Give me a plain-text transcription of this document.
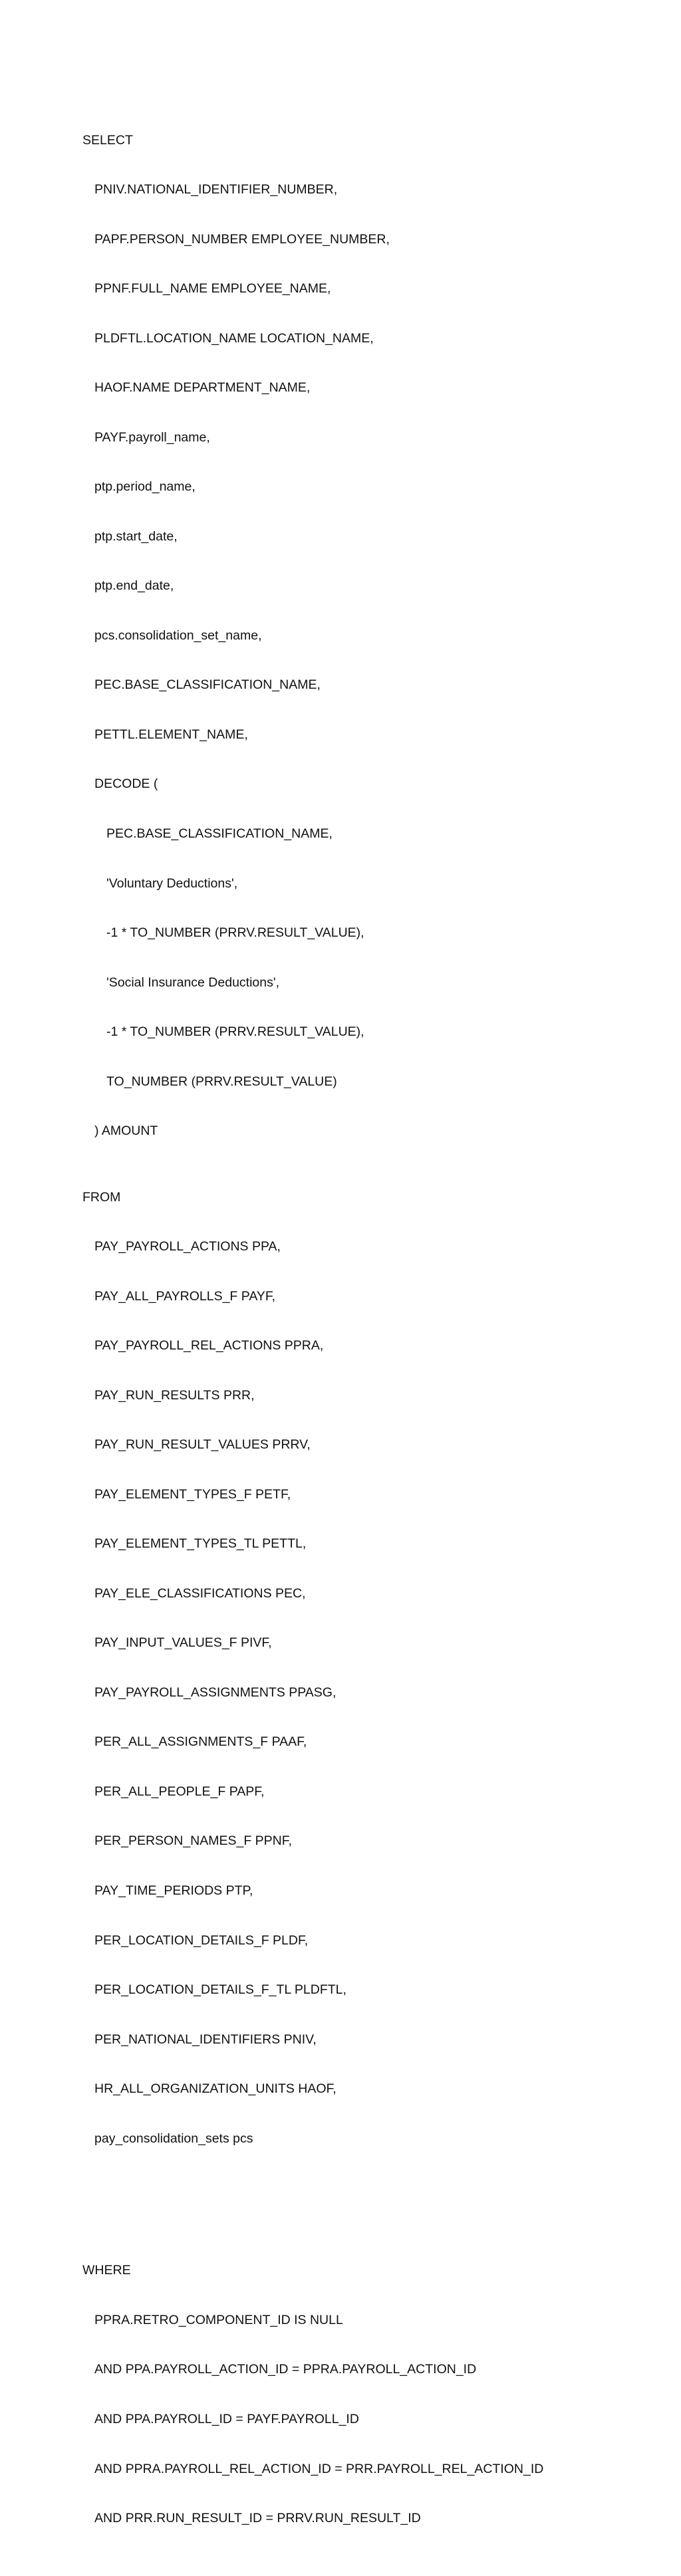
SELECT

PNIV.NATIONAL_IDENTIFIER_NUMBER,

PAPF.PERSON_NUMBER EMPLOYEE_NUMBER,

PPNF.FULL_NAME EMPLOYEE_NAME,

PLDFTL.LOCATION_NAME LOCATION_NAME,

HAOF.NAME DEPARTMENT_NAME,

PAYF.payroll_name,

ptp.period_name,

ptp.start_date,

ptp.end_date,

pcs.consolidation_set_name,

PEC.BASE_CLASSIFICATION_NAME,

PETTL.ELEMENT_NAME,

DECODE (

PEC.BASE_CLASSIFICATION_NAME,

'Voluntary Deductions',

-1 * TO_NUMBER (PRRV.RESULT_VALUE),

'Social Insurance Deductions',

-1 * TO_NUMBER (PRRV.RESULT_VALUE),

TO_NUMBER (PRRV.RESULT_VALUE)

) AMOUNT

FROM

PAY_PAYROLL_ACTIONS PPA,

PAY_ALL_PAYROLLS_F PAYF,

PAY_PAYROLL_REL_ACTIONS PPRA,

PAY_RUN_RESULTS PRR,

PAY_RUN_RESULT_VALUES PRRV,

PAY_ELEMENT_TYPES_F PETF,

PAY_ELEMENT_TYPES_TL PETTL,

PAY_ELE_CLASSIFICATIONS PEC,

PAY_INPUT_VALUES_F PIVF,

PAY_PAYROLL_ASSIGNMENTS PPASG,

PER_ALL_ASSIGNMENTS_F PAAF,

PER_ALL_PEOPLE_F PAPF,

PER_PERSON_NAMES_F PPNF,

PAY_TIME_PERIODS PTP,

PER_LOCATION_DETAILS_F PLDF,

PER_LOCATION_DETAILS_F_TL PLDFTL,

PER_NATIONAL_IDENTIFIERS PNIV,

HR_ALL_ORGANIZATION_UNITS HAOF,

pay_consolidation_sets pcs

WHERE

PPRA.RETRO_COMPONENT_ID IS NULL

AND PPA.PAYROLL_ACTION_ID = PPRA.PAYROLL_ACTION_ID

AND PPA.PAYROLL_ID = PAYF.PAYROLL_ID

AND PPRA.PAYROLL_REL_ACTION_ID = PRR.PAYROLL_REL_ACTION_ID

AND PRR.RUN_RESULT_ID = PRRV.RUN_RESULT_ID
